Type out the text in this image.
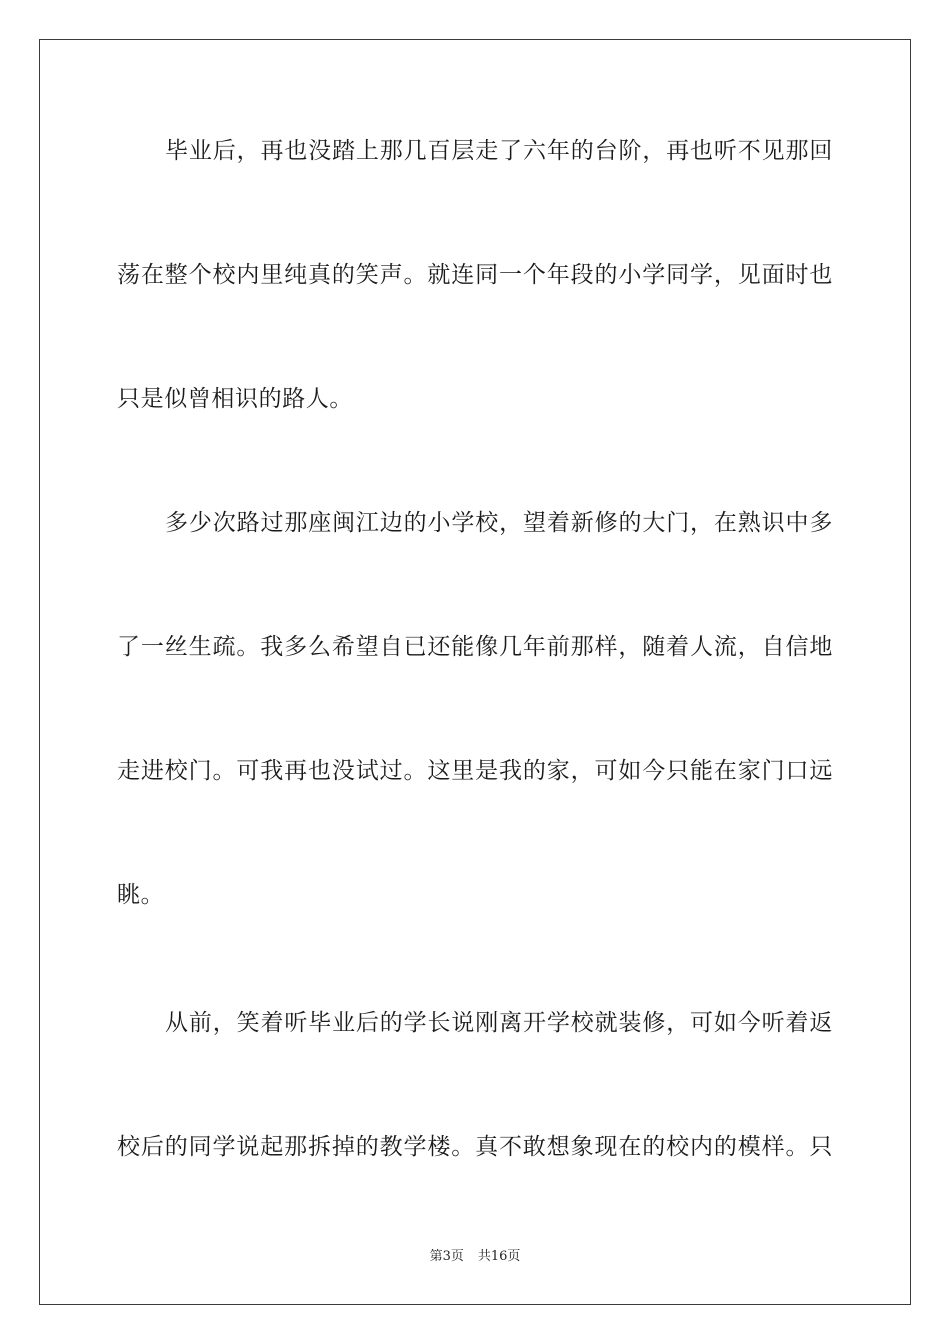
毕业后，再也没踏上那几百层走了六年的台阶，再也听不见那回
荡在整个校内里纯真的笑声。就连同一个年段的小学同学，见面时也
只是似曾相识的路人。
多少次路过那座闽江边的小学校，望着新修的大门，在熟识中多
了一丝生疏。我多么希望自已还能像几年前那样，随着人流，自信地
走进校门。可我再也没试过。这里是我的家，可如今只能在家门口远
眺。
从前，笑着听毕业后的学长说刚离开学校就装修，可如今听着返
校后的同学说起那拆掉的教学楼。真不敢想象现在的校内的模样。只
第3页 共16页
